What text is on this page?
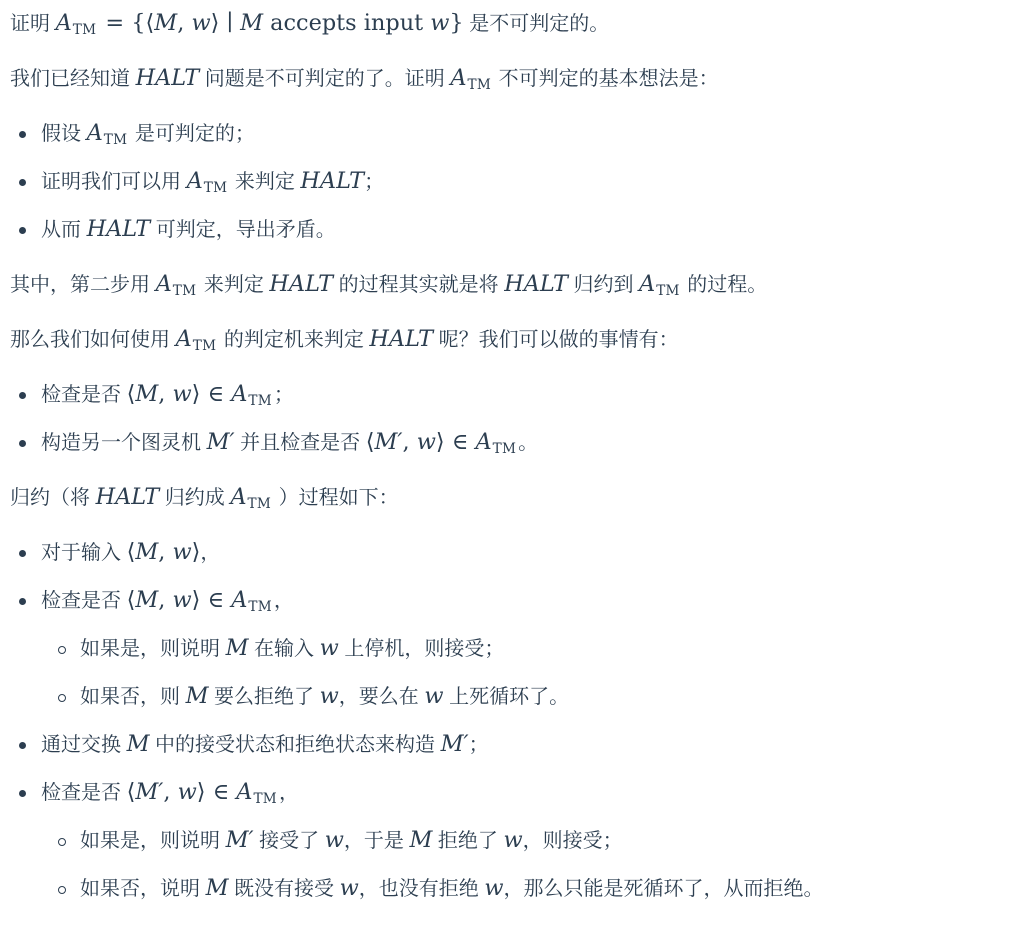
证明 ATM = {⟨M, w⟩ ∣ M accepts input w} 是不可判定的。

我们已经知道 HALT 问题是不可判定的了。证明 ATM 不可判定的基本想法是：

假设 ATM 是可判定的；
证明我们可以用 ATM 来判定 HALT；
从而 HALT 可判定，导出矛盾。

其中，第二步用 ATM 来判定 HALT 的过程其实就是将 HALT 归约到 ATM 的过程。

那么我们如何使用 ATM 的判定机来判定 HALT 呢？我们可以做的事情有：

检查是否 ⟨M, w⟩ ∈ ATM ；
构造另一个图灵机 M′ 并且检查是否 ⟨M′, w⟩ ∈ ATM 。

归约（将 HALT 归约成 ATM ）过程如下：

对于输入 ⟨M, w⟩，
检查是否 ⟨M, w⟩ ∈ ATM ，
如果是，则说明 M 在输入 w 上停机，则接受；
如果否，则 M 要么拒绝了 w，要么在 w 上死循环了。
通过交换 M 中的接受状态和拒绝状态来构造 M′；
检查是否 ⟨M′, w⟩ ∈ ATM ，
如果是，则说明 M′ 接受了 w，于是 M 拒绝了 w，则接受；
如果否，说明 M 既没有接受 w，也没有拒绝 w，那么只能是死循环了，从而拒绝。
